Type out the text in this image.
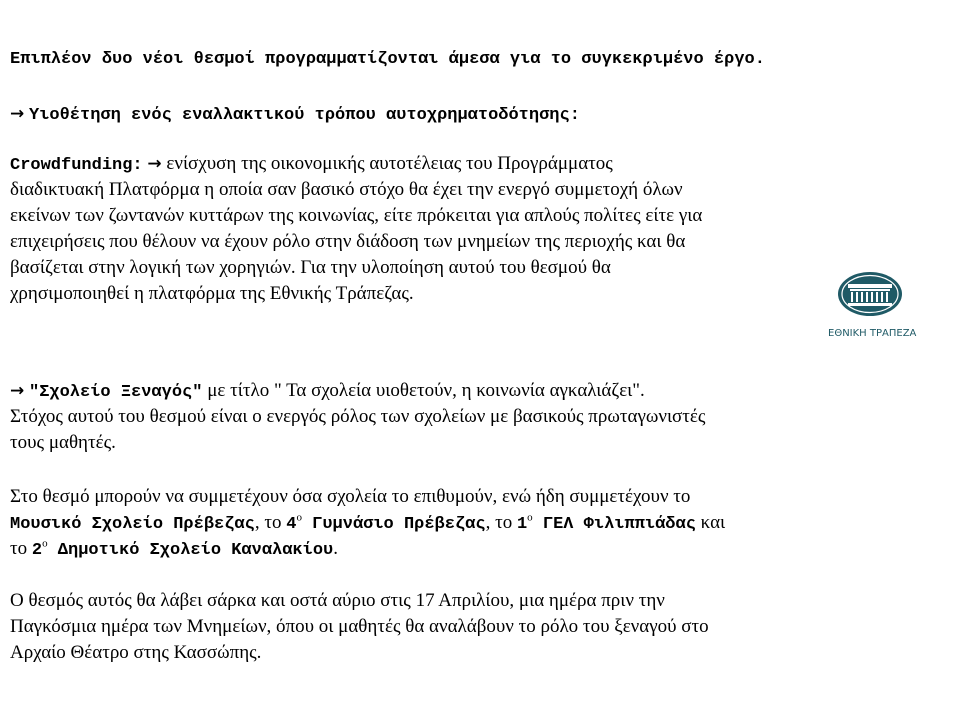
Επιπλέον δυο νέοι θεσμοί προγραμματίζονται άμεσα για το συγκεκριμένο έργο.
→ Υιοθέτηση ενός εναλλακτικού τρόπου αυτοχρηματοδότησης:
Crowdfunding: → ενίσχυση της οικονομικής αυτοτέλειας του Προγράμματος
διαδικτυακή Πλατφόρμα η οποία σαν βασικό στόχο θα έχει την ενεργό συμμετοχή όλων
εκείνων των ζωντανών κυττάρων της κοινωνίας, είτε πρόκειται για απλούς πολίτες είτε για
επιχειρήσεις που θέλουν να έχουν ρόλο στην διάδοση των μνημείων της περιοχής και θα
βασίζεται στην λογική των χορηγιών. Για την υλοποίηση αυτού του θεσμού θα
χρησιμοποιηθεί η πλατφόρμα της Εθνικής Τράπεζας.
ΕΘΝΙΚΗ ΤΡΑΠΕΖΑ
→ "Σχολείο Ξεναγός" με τίτλο " Τα σχολεία υιοθετούν, η κοινωνία αγκαλιάζει".
Στόχος αυτού του θεσμού είναι ο ενεργός ρόλος των σχολείων με βασικούς πρωταγωνιστές
τους μαθητές.
Στο θεσμό μπορούν να συμμετέχουν όσα σχολεία το επιθυμούν, ενώ ήδη συμμετέχουν το
Μουσικό Σχολείο Πρέβεζας, το $4^o$ Γυμνάσιο Πρέβεζας, το $1^o$ ΓΕΛ Φιλιππιάδας και
το $2^o$ Δημοτικό Σχολείο Καναλακίου.
Ο θεσμός αυτός θα λάβει σάρκα και οστά αύριο στις 17 Απριλίου, μια ημέρα πριν την
Παγκόσμια ημέρα των Μνημείων, όπου οι μαθητές θα αναλάβουν το ρόλο του ξεναγού στο
Αρχαίο Θέατρο στης Κασσώπης.
